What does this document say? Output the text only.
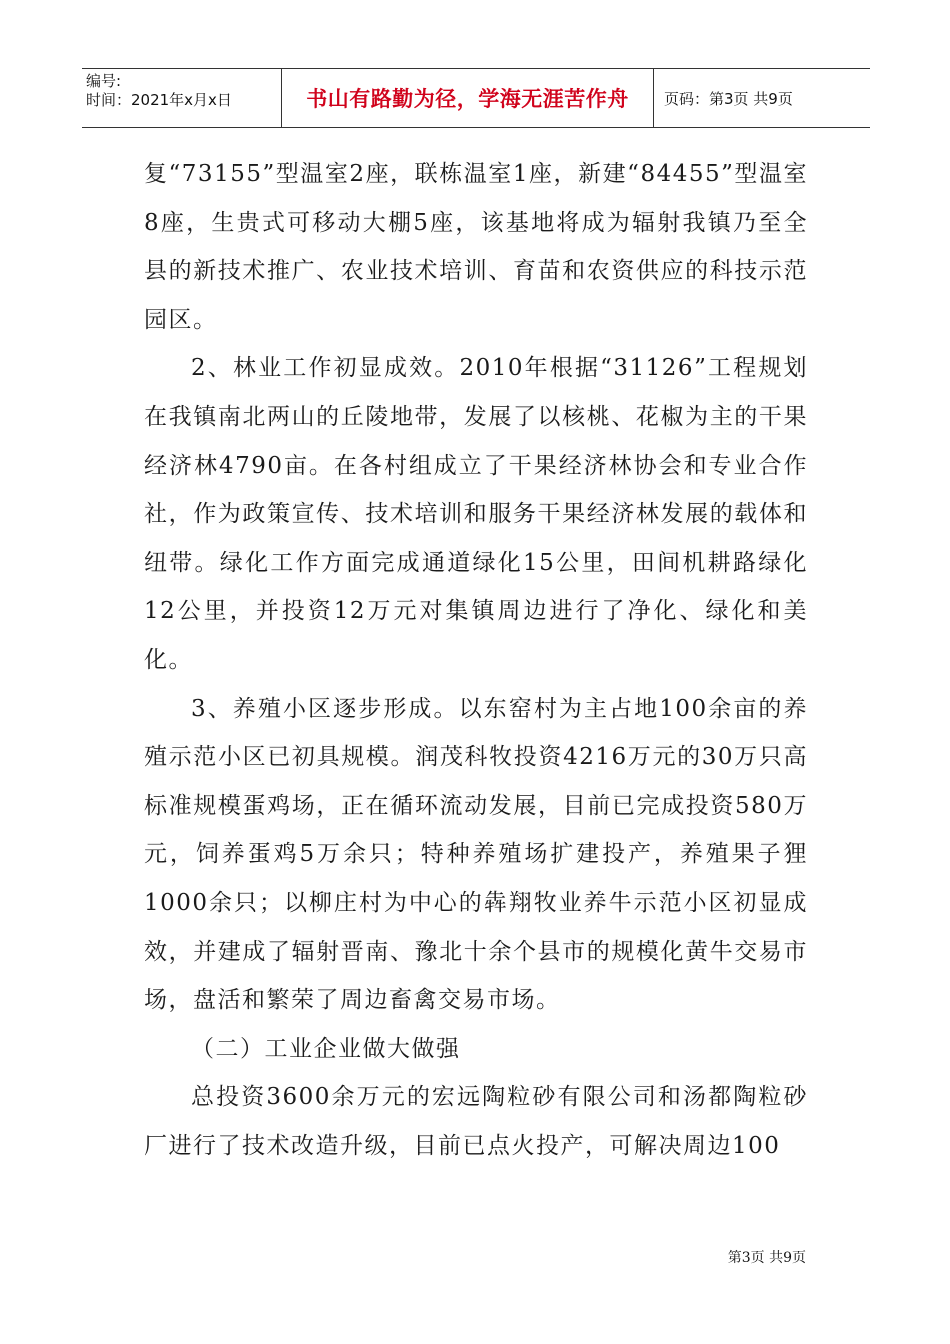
编号:
时间：2021年x月x日	书山有路勤为径，学海无涯苦作舟	页码：第3页 共9页

复“73155”型温室2座，联栋温室1座，新建“84455”型温室8座，生贵式可移动大棚5座，该基地将成为辐射我镇乃至全县的新技术推广、农业技术培训、育苗和农资供应的科技示范园区。

2、林业工作初显成效。2010年根据“31126”工程规划在我镇南北两山的丘陵地带，发展了以核桃、花椒为主的干果经济林4790亩。在各村组成立了干果经济林协会和专业合作社，作为政策宣传、技术培训和服务干果经济林发展的载体和纽带。绿化工作方面完成通道绿化15公里，田间机耕路绿化12公里，并投资12万元对集镇周边进行了净化、绿化和美化。

3、养殖小区逐步形成。以东窑村为主占地100余亩的养殖示范小区已初具规模。润茂科牧投资4216万元的30万只高标准规模蛋鸡场，正在循环流动发展，目前已完成投资580万元，饲养蛋鸡5万余只；特种养殖场扩建投产，养殖果子狸1000余只；以柳庄村为中心的犇翔牧业养牛示范小区初显成效，并建成了辐射晋南、豫北十余个县市的规模化黄牛交易市场，盘活和繁荣了周边畜禽交易市场。

（二）工业企业做大做强

总投资3600余万元的宏远陶粒砂有限公司和汤都陶粒砂厂进行了技术改造升级，目前已点火投产，可解决周边100

第3页 共9页
